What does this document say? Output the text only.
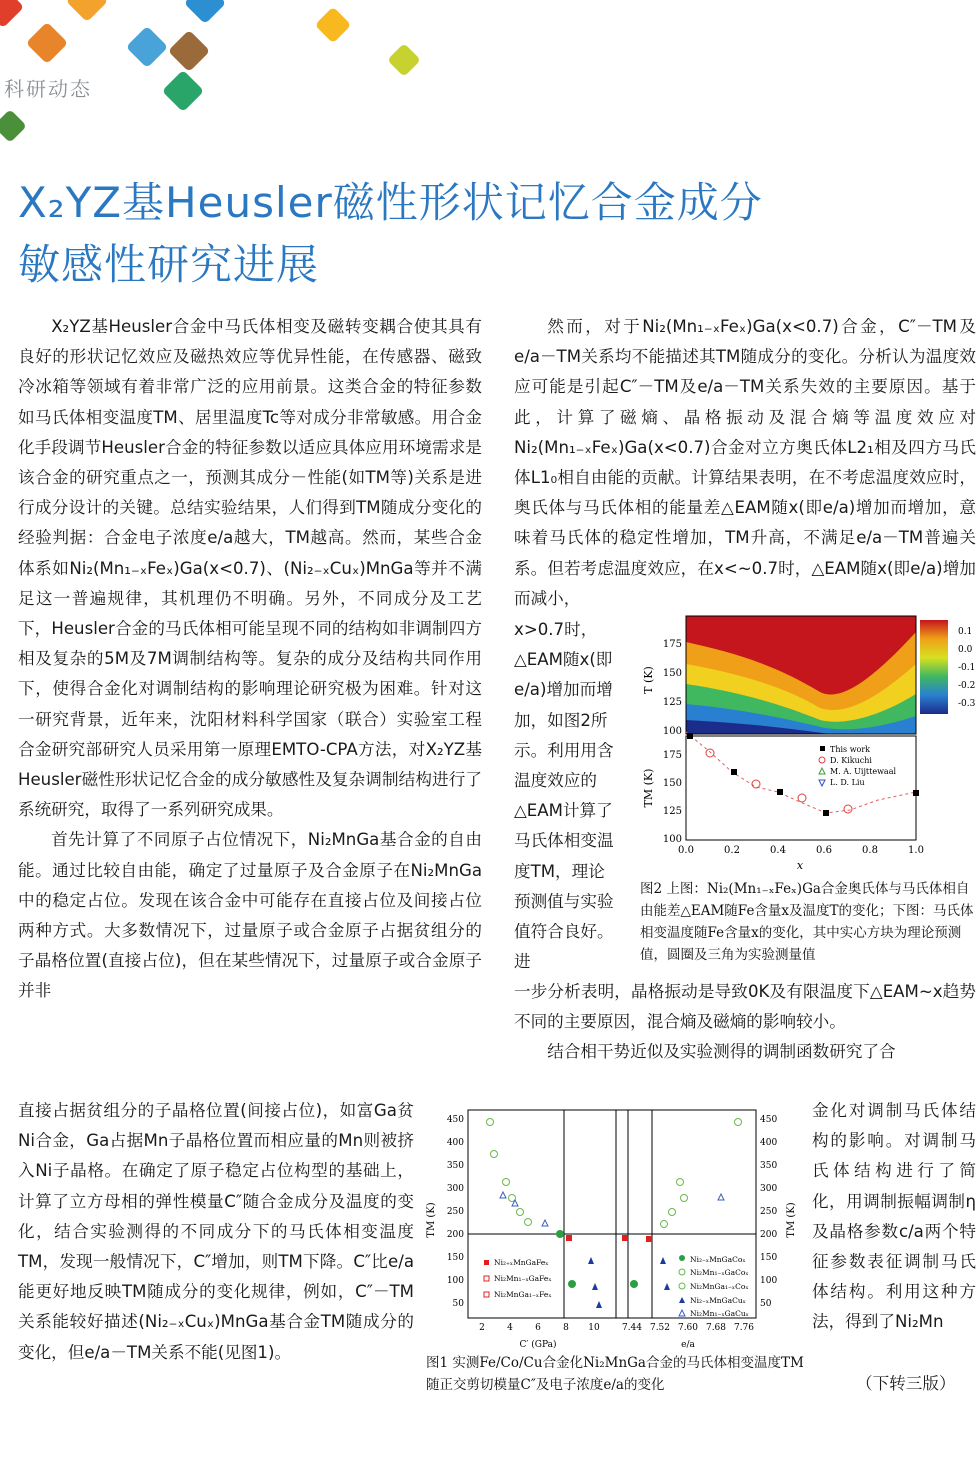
科研动态
X₂YZ基Heusler磁性形状记忆合金成分
敏感性研究进展

X₂YZ基Heusler合金中马氏体相变及磁转变耦合使其具有良好的形状记忆效应及磁热效应等优异性能，在传感器、磁致冷冰箱等领域有着非常广泛的应用前景。这类合金的特征参数如马氏体相变温度TM、居里温度Tc等对成分非常敏感。用合金化手段调节Heusler合金的特征参数以适应具体应用环境需求是该合金的研究重点之一，预测其成分－性能(如TM等)关系是进行成分设计的关键。总结实验结果，人们得到TM随成分变化的经验判据：合金电子浓度e/a越大，TM越高。然而，某些合金体系如Ni₂(Mn₁₋ₓFeₓ)Ga(x<0.7)、(Ni₂₋ₓCuₓ)MnGa等并不满足这一普遍规律，其机理仍不明确。另外，不同成分及工艺下，Heusler合金的马氏体相可能呈现不同的结构如非调制四方相及复杂的5M及7M调制结构等。复杂的成分及结构共同作用下，使得合金化对调制结构的影响理论研究极为困难。针对这一研究背景，近年来，沈阳材料科学国家（联合）实验室工程合金研究部研究人员采用第一原理EMTO-CPA方法，对X₂YZ基Heusler磁性形状记忆合金的成分敏感性及复杂调制结构进行了系统研究，取得了一系列研究成果。

首先计算了不同原子占位情况下，Ni₂MnGa基合金的自由能。通过比较自由能，确定了过量原子及合金原子在Ni₂MnGa中的稳定占位。发现在该合金中可能存在直接占位及间接占位两种方式。大多数情况下，过量原子或合金原子占据贫组分的子晶格位置(直接占位)，但在某些情况下，过量原子或合金原子并非

直接占据贫组分的子晶格位置(间接占位)，如富Ga贫Ni合金，Ga占据Mn子晶格位置而相应量的Mn则被挤入Ni子晶格。在确定了原子稳定占位构型的基础上，计算了立方母相的弹性模量C″随合金成分及温度的变化，结合实验测得的不同成分下的马氏体相变温度TM，发现一般情况下，C″增加，则TM下降。C″比e/a能更好地反映TM随成分的变化规律，例如，C″－TM关系能较好描述(Ni₂₋ₓCuₓ)MnGa基合金TM随成分的变化，但e/a－TM关系不能(见图1)。

然而，对于Ni₂(Mn₁₋ₓFeₓ)Ga(x<0.7)合金，C″－TM及e/a－TM关系均不能描述其TM随成分的变化。分析认为温度效应可能是引起C″－TM及e/a－TM关系失效的主要原因。基于此，计算了磁熵、晶格振动及混合熵等温度效应对Ni₂(Mn₁₋ₓFeₓ)Ga(x<0.7)合金对立方奥氏体L2₁相及四方马氏体L1₀相自由能的贡献。计算结果表明，在不考虑温度效应时，奥氏体与马氏体相的能量差△EAM随x(即e/a)增加而增加，意味着马氏体的稳定性增加，TM升高，不满足e/a－TM普遍关系。但若考虑温度效应，在x<~0.7时，△EAM随x(即e/a)增加而减小，

x>0.7时，△EAM随x(即e/a)增加而增加，如图2所示。利用用含温度效应的△EAM计算了马氏体相变温度TM，理论预测值与实验值符合良好。进

一步分析表明，晶格振动是导致0K及有限温度下△EAM~x趋势不同的主要原因，混合熵及磁熵的影响较小。

结合相干势近似及实验测得的调制函数研究了合

金化对调制马氏体结构的影响。对调制马氏体结构进行了简化，用调制振幅调制η及晶格参数c/a两个特征参数表征调制马氏体结构。利用这种方法，得到了Ni₂Mn
（下转三版）
0.1
0.0
-0.1
-0.2
-0.3
100
125
150
175
T (K)
This work
D. Kikuchi
M. A. Uijttewaal
L. D. Liu
100
125
150
175
TM (K)
0.0	0.2	0.4	0.6	0.8	1.0
x
图2 上图：Ni₂(Mn₁₋ₓFeₓ)Ga合金奥氏体与马氏体相自由能差△EAM随Fe含量x及温度T的变化；下图：马氏体相变温度随Fe含量x的变化，其中实心方块为理论预测值，圆圈及三角为实验测量值
Ni₂₊ₓMnGaFeₓ
Ni₂Mn₁₋ₓGaFeₓ
Ni₂MnGa₁₋ₓFeₓ
Ni₂₋ₓMnGaCoₓ
Ni₂Mn₁₋ₓGaCoₓ
Ni₂MnGa₁₋ₓCoₓ
Ni₂₋ₓMnGaCuₓ
Ni₂Mn₁₋ₓGaCuₓ
50
100
150
200
250
300
350
400
450
50
100
150
200
250
300
350
400
450
TM (K)	TM (K)
2 4 6 8 10
C′ (GPa)
7.44 7.52 7.60 7.68 7.76
e/a
图1 实测Fe/Co/Cu合金化Ni₂MnGa合金的马氏体相变温度TM随正交剪切模量C″及电子浓度e/a的变化
